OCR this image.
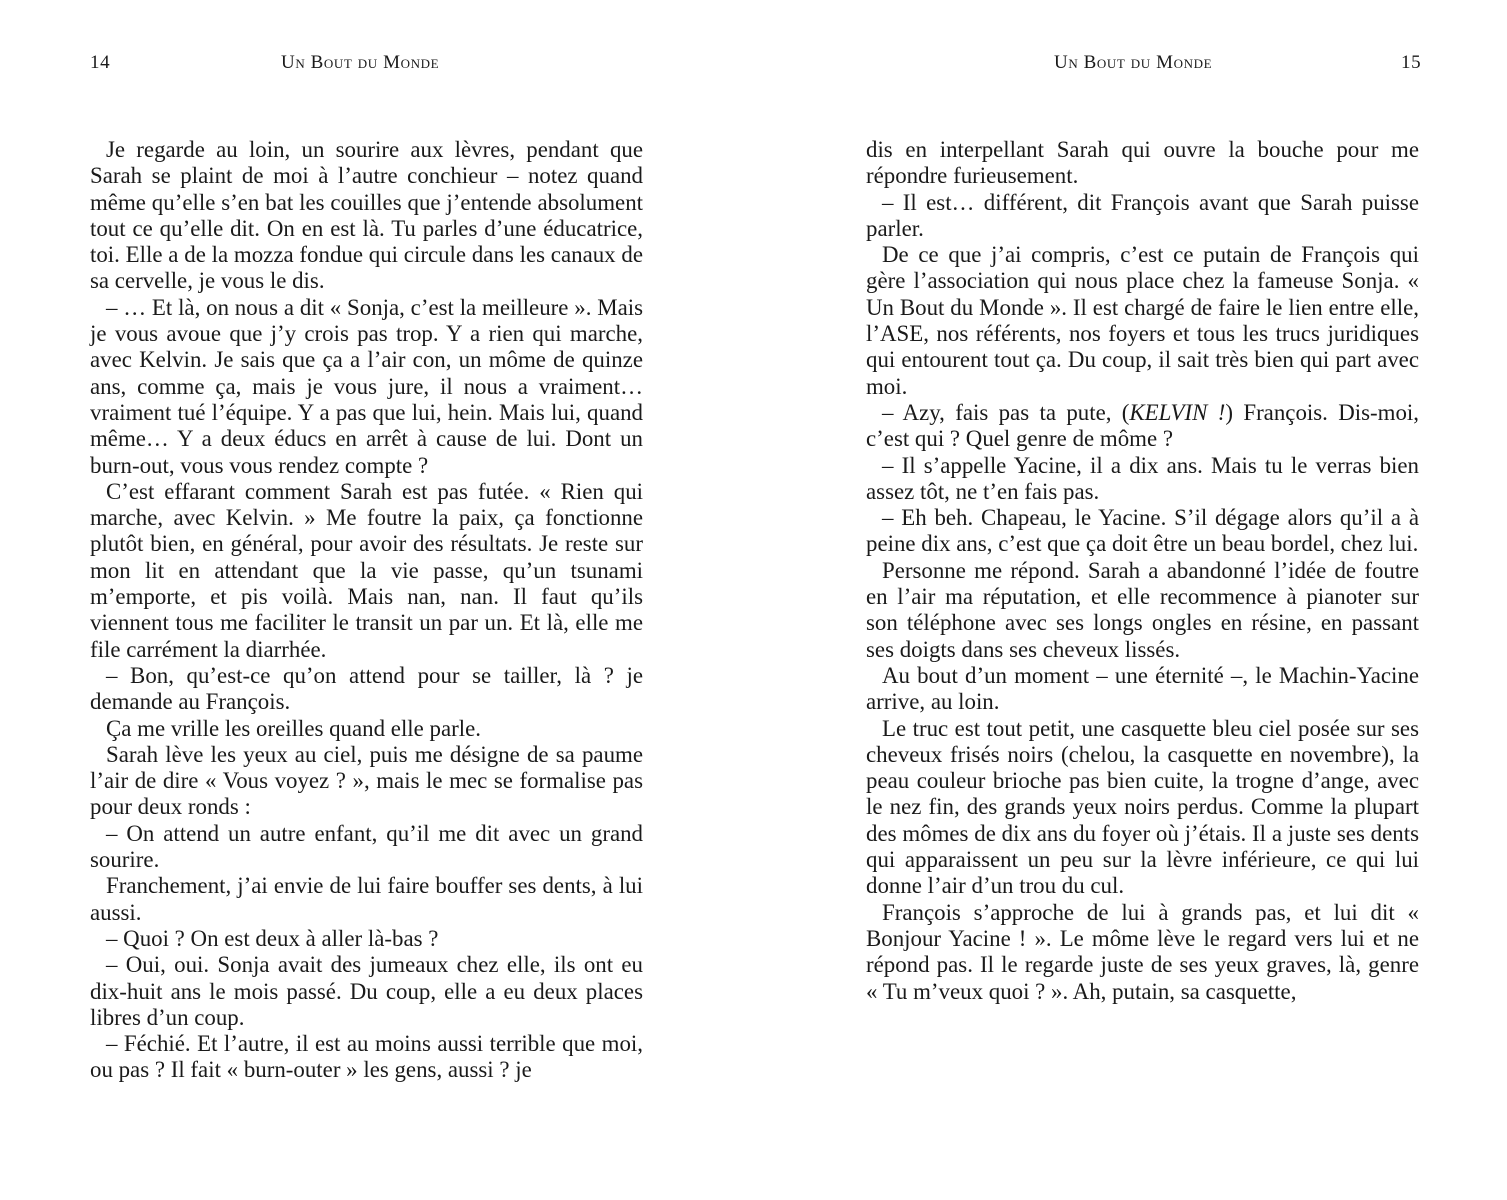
14	Un Bout du Monde

Je regarde au loin, un sourire aux lèvres, pendant que Sarah se plaint de moi à l’autre conchieur – notez quand même qu’elle s’en bat les couilles que j’entende absolument tout ce qu’elle dit. On en est là. Tu parles d’une éducatrice, toi. Elle a de la mozza fondue qui circule dans les canaux de sa cervelle, je vous le dis.

– … Et là, on nous a dit « Sonja, c’est la meilleure ». Mais je vous avoue que j’y crois pas trop. Y a rien qui marche, avec Kelvin. Je sais que ça a l’air con, un môme de quinze ans, comme ça, mais je vous jure, il nous a vraiment… vraiment tué l’équipe. Y a pas que lui, hein. Mais lui, quand même… Y a deux éducs en arrêt à cause de lui. Dont un burn-out, vous vous rendez compte ?

C’est effarant comment Sarah est pas futée. « Rien qui marche, avec Kelvin. » Me foutre la paix, ça fonctionne plutôt bien, en général, pour avoir des résultats. Je reste sur mon lit en attendant que la vie passe, qu’un tsunami m’emporte, et pis voilà. Mais nan, nan. Il faut qu’ils viennent tous me faciliter le transit un par un. Et là, elle me file carrément la diarrhée.

– Bon, qu’est-ce qu’on attend pour se tailler, là ? je demande au François.

Ça me vrille les oreilles quand elle parle.

Sarah lève les yeux au ciel, puis me désigne de sa paume l’air de dire « Vous voyez ? », mais le mec se formalise pas pour deux ronds :

– On attend un autre enfant, qu’il me dit avec un grand sourire.

Franchement, j’ai envie de lui faire bouffer ses dents, à lui aussi.

– Quoi ? On est deux à aller là-bas ?

– Oui, oui. Sonja avait des jumeaux chez elle, ils ont eu dix-huit ans le mois passé. Du coup, elle a eu deux places libres d’un coup.

– Féchié. Et l’autre, il est au moins aussi terrible que moi, ou pas ? Il fait « burn-outer » les gens, aussi ? je

Un Bout du Monde	15

dis en interpellant Sarah qui ouvre la bouche pour me répondre furieusement.

– Il est… différent, dit François avant que Sarah puisse parler.

De ce que j’ai compris, c’est ce putain de François qui gère l’association qui nous place chez la fameuse Sonja. « Un Bout du Monde ». Il est chargé de faire le lien entre elle, l’ASE, nos référents, nos foyers et tous les trucs juridiques qui entourent tout ça. Du coup, il sait très bien qui part avec moi.

– Azy, fais pas ta pute, (KELVIN !) François. Dis-moi, c’est qui ? Quel genre de môme ?

– Il s’appelle Yacine, il a dix ans. Mais tu le verras bien assez tôt, ne t’en fais pas.

– Eh beh. Chapeau, le Yacine. S’il dégage alors qu’il a à peine dix ans, c’est que ça doit être un beau bordel, chez lui.

Personne me répond. Sarah a abandonné l’idée de foutre en l’air ma réputation, et elle recommence à pianoter sur son téléphone avec ses longs ongles en résine, en passant ses doigts dans ses cheveux lissés.

Au bout d’un moment – une éternité –, le Machin-Yacine arrive, au loin.

Le truc est tout petit, une casquette bleu ciel posée sur ses cheveux frisés noirs (chelou, la casquette en novembre), la peau couleur brioche pas bien cuite, la trogne d’ange, avec le nez fin, des grands yeux noirs perdus. Comme la plupart des mômes de dix ans du foyer où j’étais. Il a juste ses dents qui apparaissent un peu sur la lèvre inférieure, ce qui lui donne l’air d’un trou du cul.

François s’approche de lui à grands pas, et lui dit « Bonjour Yacine ! ». Le môme lève le regard vers lui et ne répond pas. Il le regarde juste de ses yeux graves, là, genre « Tu m’veux quoi ? ». Ah, putain, sa casquette,
